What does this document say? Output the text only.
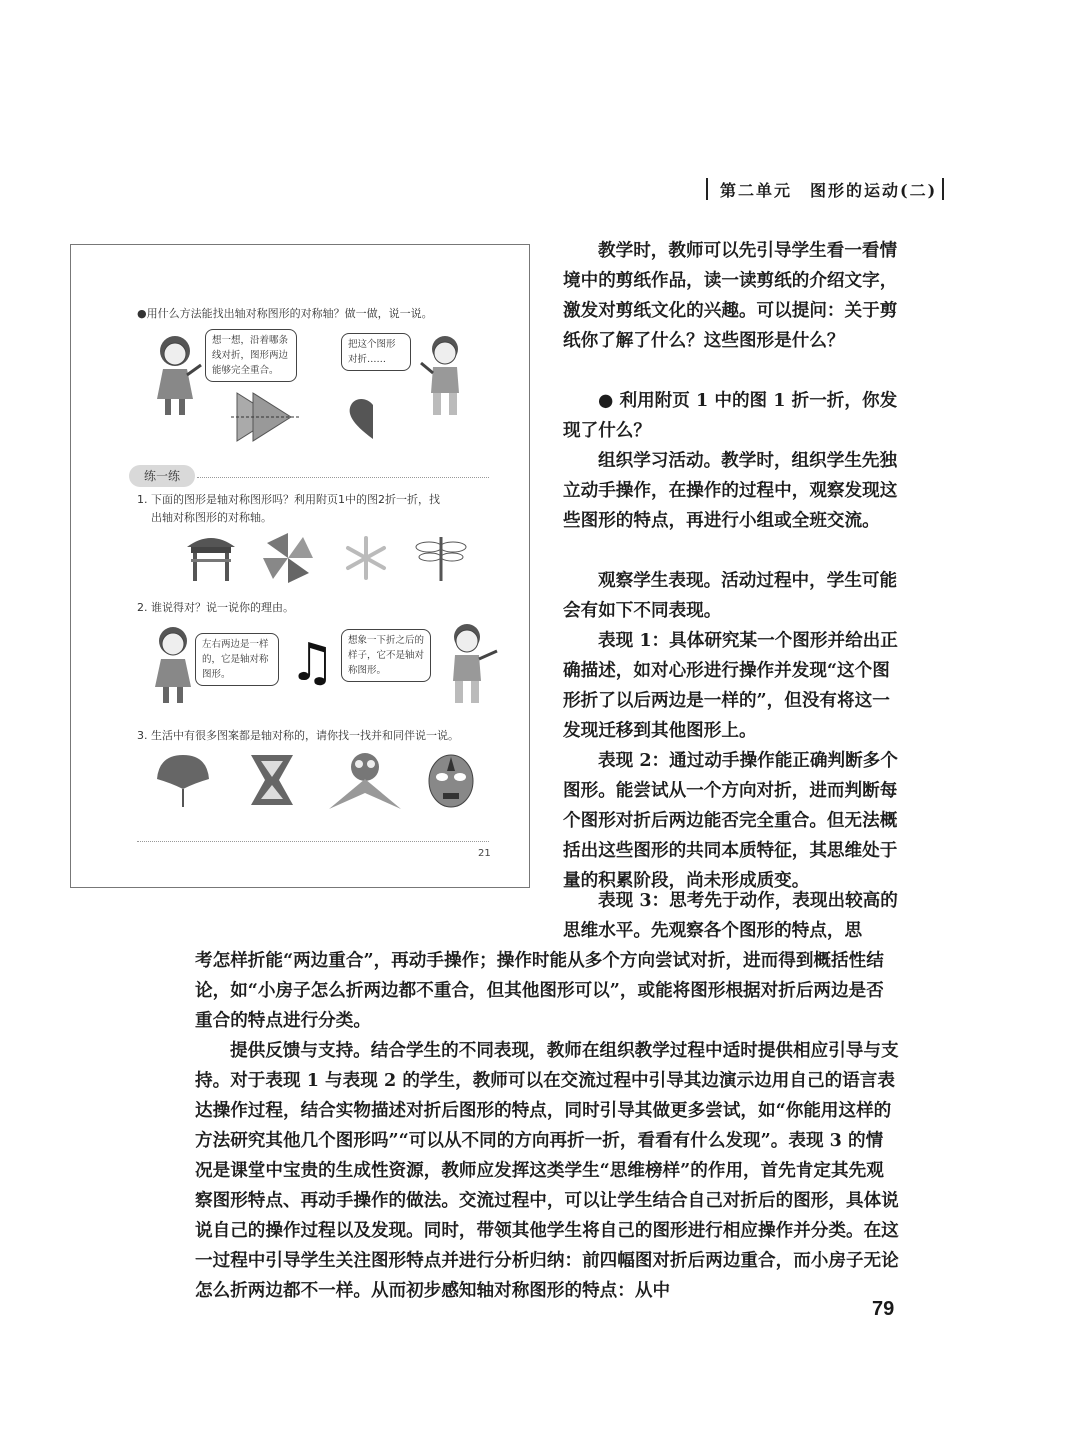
第二单元　图形的运动(二)
●用什么方法能找出轴对称图形的对称轴？做一做，说一说。
想一想，沿着哪条线对折，图形两边能够完全重合。
把这个图形对折……
练一练
1. 下面的图形是轴对称图形吗？利用附页1中的图2折一折，找
出轴对称图形的对称轴。
2. 谁说得对？说一说你的理由。
左右两边是一样的，它是轴对称图形。	♫	想象一下折之后的样子，它不是轴对称图形。
3. 生活中有很多图案都是轴对称的，请你找一找并和同伴说一说。
21

教学时，教师可以先引导学生看一看情境中的剪纸作品，读一读剪纸的介绍文字，激发对剪纸文化的兴趣。可以提问：关于剪纸你了解了什么？这些图形是什么？

● 利用附页 1 中的图 1 折一折，你发现了什么？

组织学习活动。教学时，组织学生先独立动手操作，在操作的过程中，观察发现这些图形的特点，再进行小组或全班交流。

观察学生表现。活动过程中，学生可能会有如下不同表现。

表现 1：具体研究某一个图形并给出正确描述，如对心形进行操作并发现“这个图形折了以后两边是一样的”，但没有将这一发现迁移到其他图形上。

表现 2：通过动手操作能正确判断多个图形。能尝试从一个方向对折，进而判断每个图形对折后两边能否完全重合。但无法概括出这些图形的共同本质特征，其思维处于量的积累阶段，尚未形成质变。

表现 3：思考先于动作，表现出较高的思维水平。先观察各个图形的特点，思

考怎样折能“两边重合”，再动手操作；操作时能从多个方向尝试对折，进而得到概括性结论，如“小房子怎么折两边都不重合，但其他图形可以”，或能将图形根据对折后两边是否重合的特点进行分类。

提供反馈与支持。结合学生的不同表现，教师在组织教学过程中适时提供相应引导与支持。对于表现 1 与表现 2 的学生，教师可以在交流过程中引导其边演示边用自己的语言表达操作过程，结合实物描述对折后图形的特点，同时引导其做更多尝试，如“你能用这样的方法研究其他几个图形吗”“可以从不同的方向再折一折，看看有什么发现”。表现 3 的情况是课堂中宝贵的生成性资源，教师应发挥这类学生“思维榜样”的作用，首先肯定其先观察图形特点、再动手操作的做法。交流过程中，可以让学生结合自己对折后的图形，具体说说自己的操作过程以及发现。同时，带领其他学生将自己的图形进行相应操作并分类。在这一过程中引导学生关注图形特点并进行分析归纳：前四幅图对折后两边重合，而小房子无论怎么折两边都不一样。从而初步感知轴对称图形的特点：从中

79
